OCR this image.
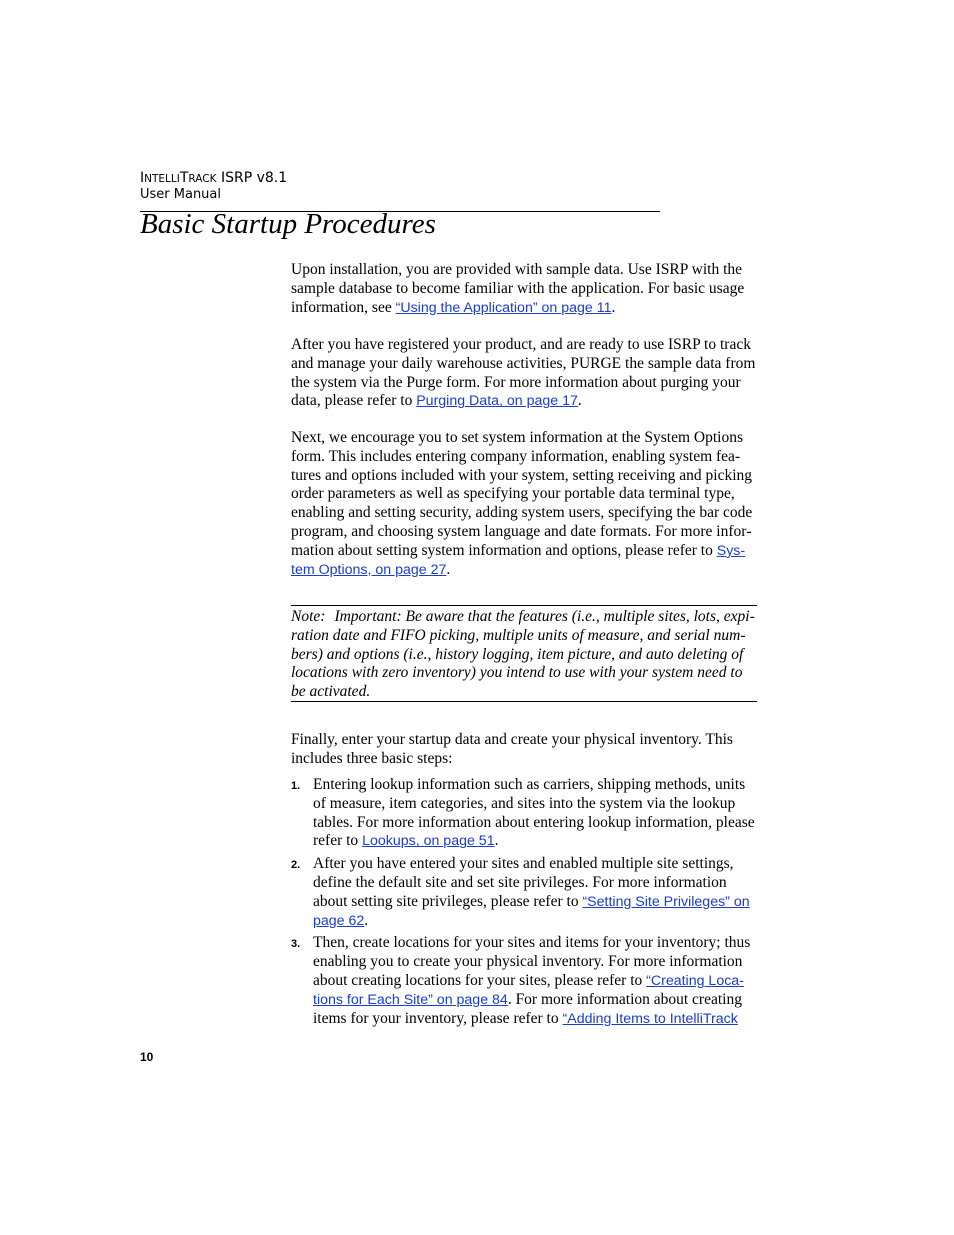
INTELLITRACK ISRP v8.1
User Manual
Basic Startup Procedures

Upon installation, you are provided with sample data. Use ISRP with the sample database to become familiar with the application. For basic usage information, see “Using the Application” on page 11.

After you have registered your product, and are ready to use ISRP to track and manage your daily warehouse activities, PURGE the sample data from the system via the Purge form. For more information about purging your data, please refer to Purging Data, on page 17.

Next, we encourage you to set system information at the System Options form. This includes entering company information, enabling system features and options included with your system, setting receiving and picking order parameters as well as specifying your portable data terminal type, enabling and setting security, adding system users, specifying the bar code program, and choosing system language and date formats. For more information about setting system information and options, please refer to System Options, on page 27.

Note: Important: Be aware that the features (i.e., multiple sites, lots, expiration date and FIFO picking, multiple units of measure, and serial numbers) and options (i.e., history logging, item picture, and auto deleting of locations with zero inventory) you intend to use with your system need to be activated.

Finally, enter your startup data and create your physical inventory. This includes three basic steps:

1. Entering lookup information such as carriers, shipping methods, units of measure, item categories, and sites into the system via the lookup tables. For more information about entering lookup information, please refer to Lookups, on page 51.
2. After you have entered your sites and enabled multiple site settings, define the default site and set site privileges. For more information about setting site privileges, please refer to “Setting Site Privileges” on page 62.
3. Then, create locations for your sites and items for your inventory; thus enabling you to create your physical inventory. For more information about creating locations for your sites, please refer to “Creating Locations for Each Site” on page 84. For more information about creating items for your inventory, please refer to “Adding Items to IntelliTrack
10
